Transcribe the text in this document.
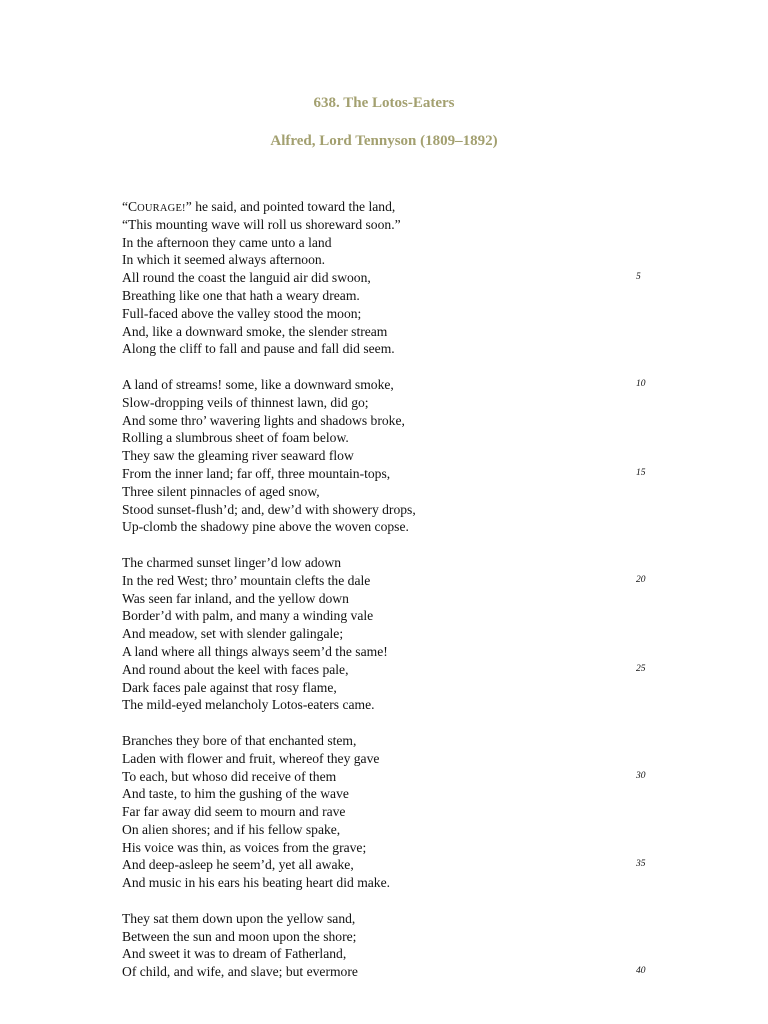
638. The Lotos-Eaters
Alfred, Lord Tennyson (1809–1892)
“COURAGE!” he said, and pointed toward the land,
“This mounting wave will roll us shoreward soon.”
In the afternoon they came unto a land
In which it seemed always afternoon.
All round the coast the languid air did swoon,	5
Breathing like one that hath a weary dream.
Full-faced above the valley stood the moon;
And, like a downward smoke, the slender stream
Along the cliff to fall and pause and fall did seem.
A land of streams! some, like a downward smoke,	10
Slow-dropping veils of thinnest lawn, did go;
And some thro’ wavering lights and shadows broke,
Rolling a slumbrous sheet of foam below.
They saw the gleaming river seaward flow
From the inner land; far off, three mountain-tops,	15
Three silent pinnacles of aged snow,
Stood sunset-flush’d; and, dew’d with showery drops,
Up-clomb the shadowy pine above the woven copse.
The charmed sunset linger’d low adown
In the red West; thro’ mountain clefts the dale	20
Was seen far inland, and the yellow down
Border’d with palm, and many a winding vale
And meadow, set with slender galingale;
A land where all things always seem’d the same!
And round about the keel with faces pale,	25
Dark faces pale against that rosy flame,
The mild-eyed melancholy Lotos-eaters came.
Branches they bore of that enchanted stem,
Laden with flower and fruit, whereof they gave
To each, but whoso did receive of them	30
And taste, to him the gushing of the wave
Far far away did seem to mourn and rave
On alien shores; and if his fellow spake,
His voice was thin, as voices from the grave;
And deep-asleep he seem’d, yet all awake,	35
And music in his ears his beating heart did make.
They sat them down upon the yellow sand,
Between the sun and moon upon the shore;
And sweet it was to dream of Fatherland,
Of child, and wife, and slave; but evermore	40
